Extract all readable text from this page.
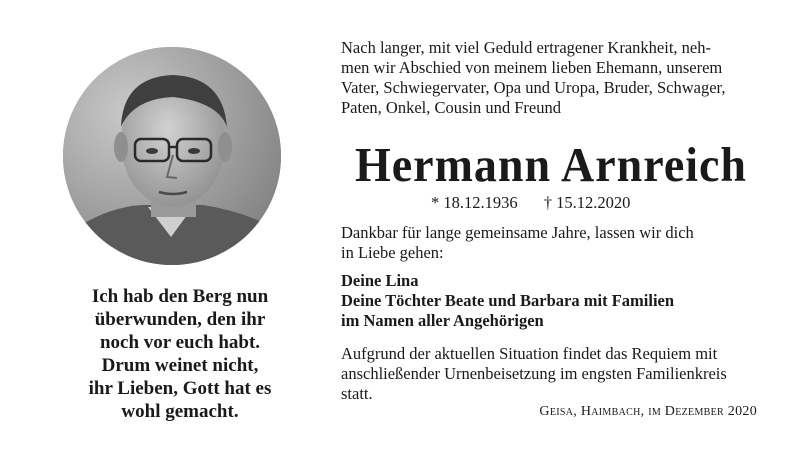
Ich hab den Berg nun
überwunden, den ihr
noch vor euch habt.
Drum weinet nicht,
ihr Lieben, Gott hat es
wohl gemacht.
Nach langer, mit viel Geduld ertragener Krankheit, neh-
men wir Abschied von meinem lieben Ehemann, unserem
Vater, Schwiegervater, Opa und Uropa, Bruder, Schwager,
Paten, Onkel, Cousin und Freund
Hermann Arnreich
* 18.12.1936 † 15.12.2020
Dankbar für lange gemeinsame Jahre, lassen wir dich
in Liebe gehen:
Deine Lina
Deine Töchter Beate und Barbara mit Familien
im Namen aller Angehörigen
Aufgrund der aktuellen Situation findet das Requiem mit
anschließender Urnenbeisetzung im engsten Familienkreis
statt.
Geisa, Haimbach, im Dezember 2020
